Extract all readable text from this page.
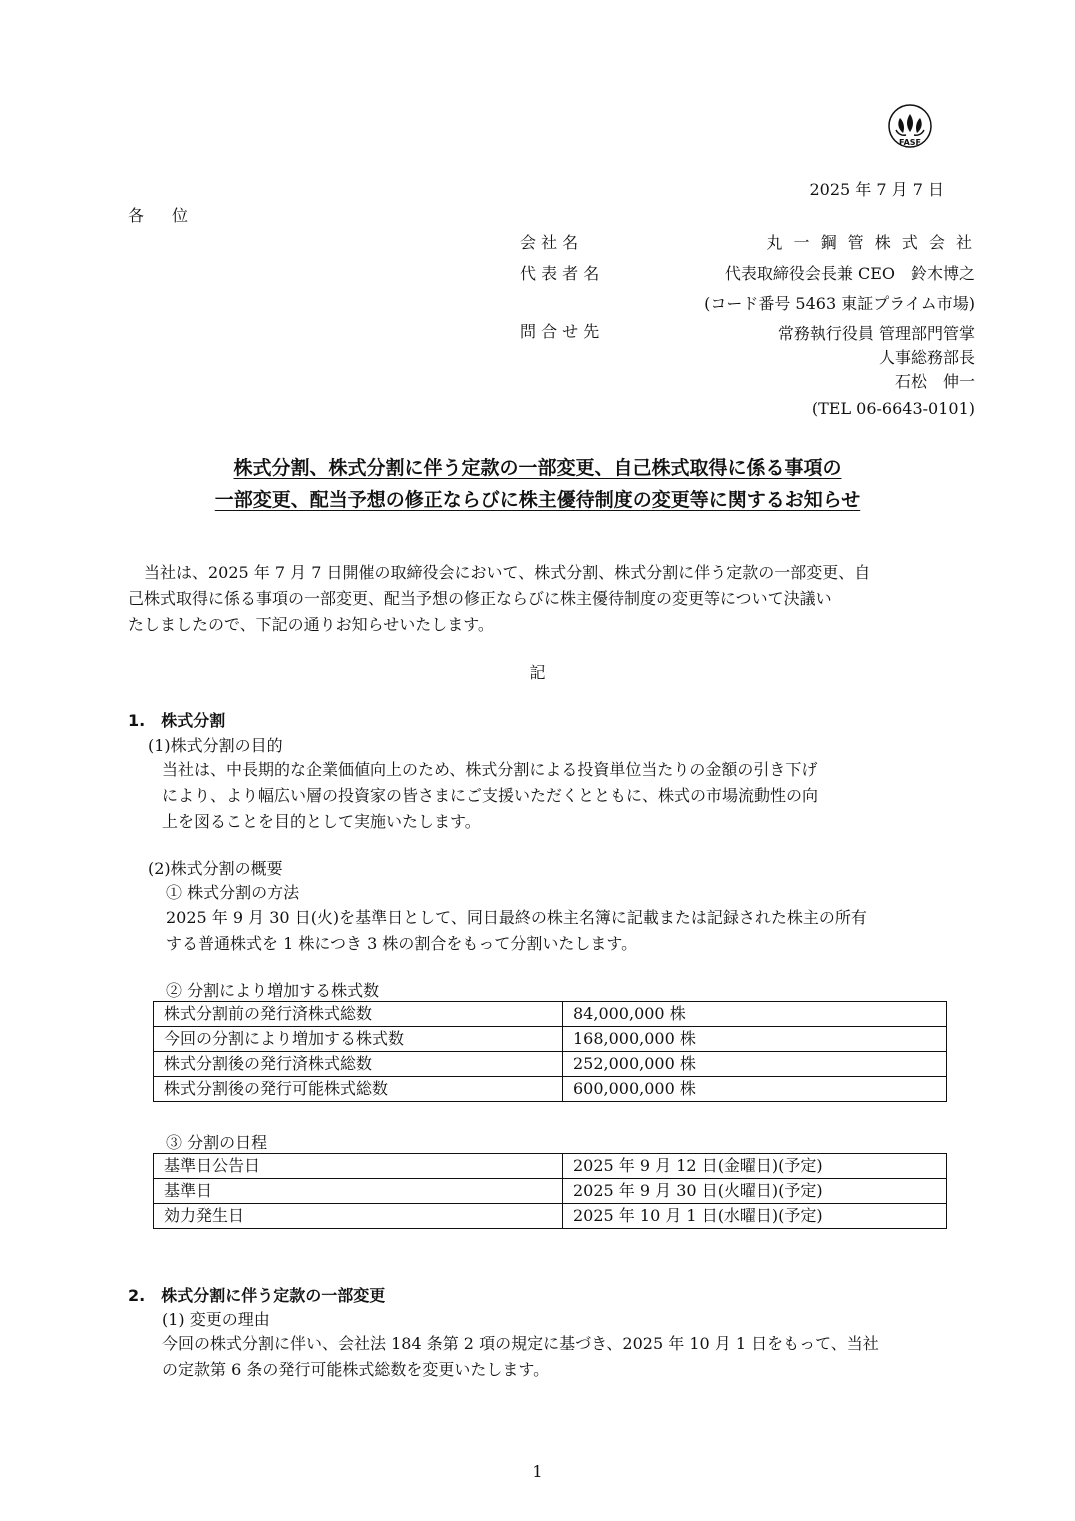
FASF
2025 年 7 月 7 日
各位
会 社 名	丸 一 鋼 管 株 式 会 社
代 表 者 名	代表取締役会長兼 CEO　鈴木博之
(コード番号 5463 東証プライム市場)
問 合 せ 先	常務執行役員 管理部門管掌
人事総務部長
石松　伸一
(TEL 06-6643-0101)
株式分割、株式分割に伴う定款の一部変更、自己株式取得に係る事項の
一部変更、配当予想の修正ならびに株主優待制度の変更等に関するお知らせ
　当社は、2025 年 7 月 7 日開催の取締役会において、株式分割、株式分割に伴う定款の一部変更、自
己株式取得に係る事項の一部変更、配当予想の修正ならびに株主優待制度の変更等について決議い
たしましたので、下記の通りお知らせいたします。
記
1.　株式分割
(1)株式分割の目的
当社は、中長期的な企業価値向上のため、株式分割による投資単位当たりの金額の引き下げ
により、より幅広い層の投資家の皆さまにご支援いただくとともに、株式の市場流動性の向
上を図ることを目的として実施いたします。
(2)株式分割の概要
① 株式分割の方法
2025 年 9 月 30 日(火)を基準日として、同日最終の株主名簿に記載または記録された株主の所有
する普通株式を 1 株につき 3 株の割合をもって分割いたします。
② 分割により増加する株式数
株式分割前の発行済株式総数	84,000,000 株
今回の分割により増加する株式数	168,000,000 株
株式分割後の発行済株式総数	252,000,000 株
株式分割後の発行可能株式総数	600,000,000 株
③ 分割の日程
基準日公告日	2025 年 9 月 12 日(金曜日)(予定)
基準日	2025 年 9 月 30 日(火曜日)(予定)
効力発生日	2025 年 10 月 1 日(水曜日)(予定)
2.　株式分割に伴う定款の一部変更
(1) 変更の理由
今回の株式分割に伴い、会社法 184 条第 2 項の規定に基づき、2025 年 10 月 1 日をもって、当社
の定款第 6 条の発行可能株式総数を変更いたします。
1
